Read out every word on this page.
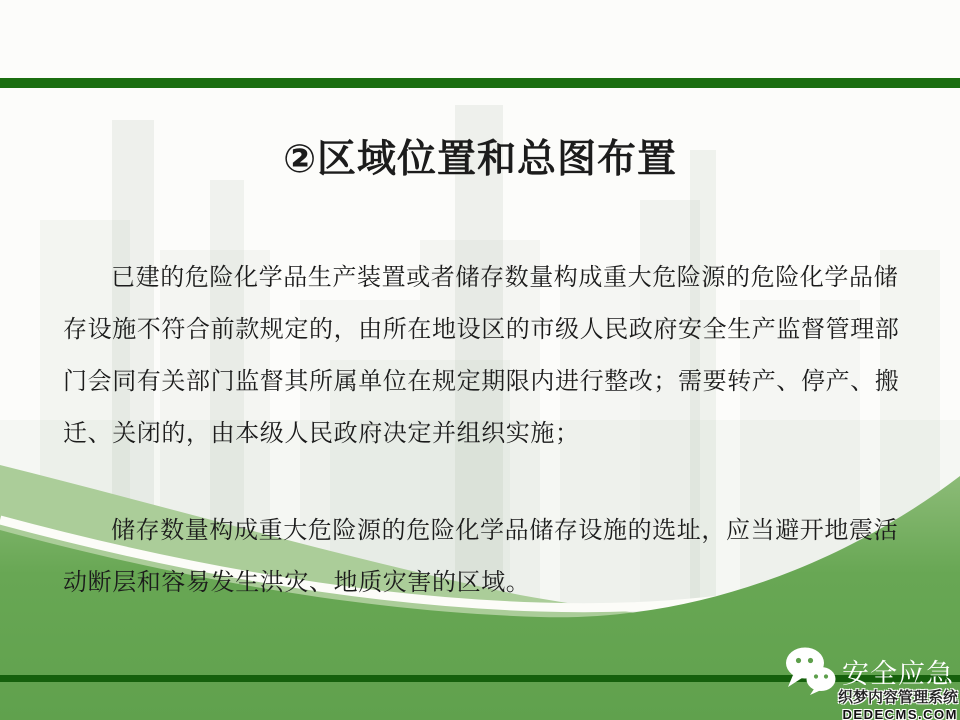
②区域位置和总图布置
已建的危险化学品生产装置或者储存数量构成重大危险源的危险化学品储
存设施不符合前款规定的，由所在地设区的市级人民政府安全生产监督管理部
门会同有关部门监督其所属单位在规定期限内进行整改；需要转产、停产、搬
迁、关闭的，由本级人民政府决定并组织实施；
储存数量构成重大危险源的危险化学品储存设施的选址，应当避开地震活
动断层和容易发生洪灾、地质灾害的区域。
安全应急
织梦内容管理系统
DEDECMS.COM
